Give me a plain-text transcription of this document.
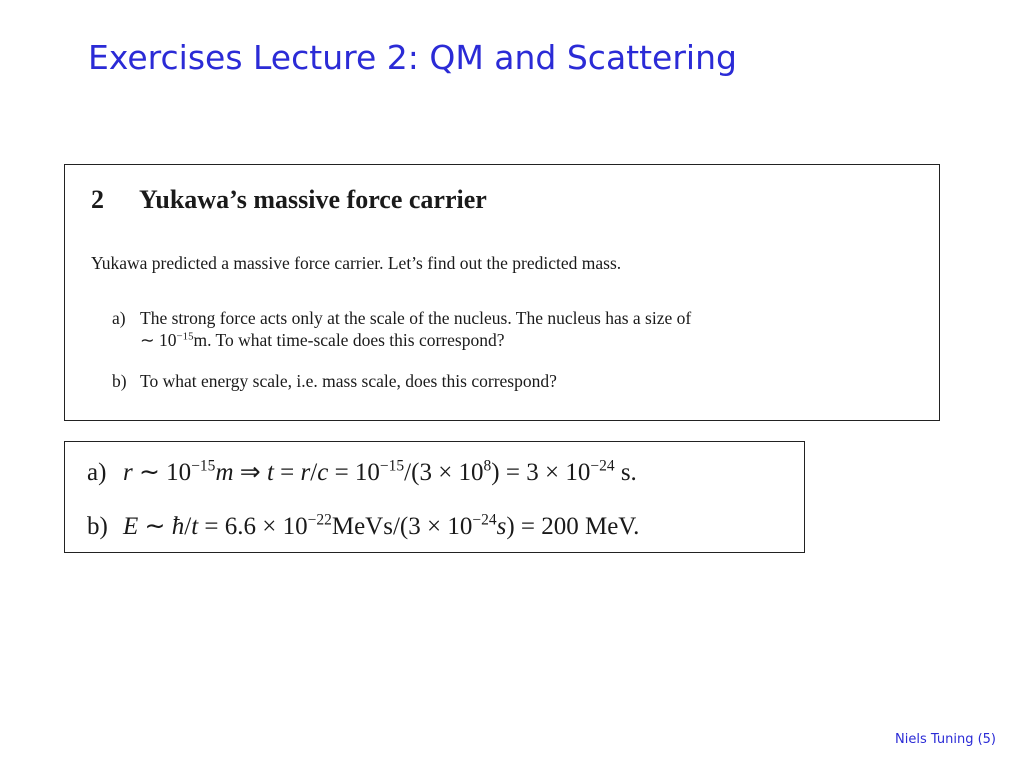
Exercises Lecture 2: QM and Scattering
2 Yukawa’s massive force carrier
Yukawa predicted a massive force carrier. Let’s find out the predicted mass.
a) The strong force acts only at the scale of the nucleus. The nucleus has a size of
∼ $10^{-15}m$. To what time-scale does this correspond?
b) To what energy scale, i.e. mass scale, does this correspond?
a) r ∼ $10^{-15}m$ ⇒ $t = r/c = 10^{-15}/(3 \times 10^8) = 3 \times 10^{-24}$ s.
b) E ∼ ħ/t = $6.6 \times 10^{-22}MeVs/(3 \times 10^{-24}s) = 200$ MeV.
Niels Tuning (5)
